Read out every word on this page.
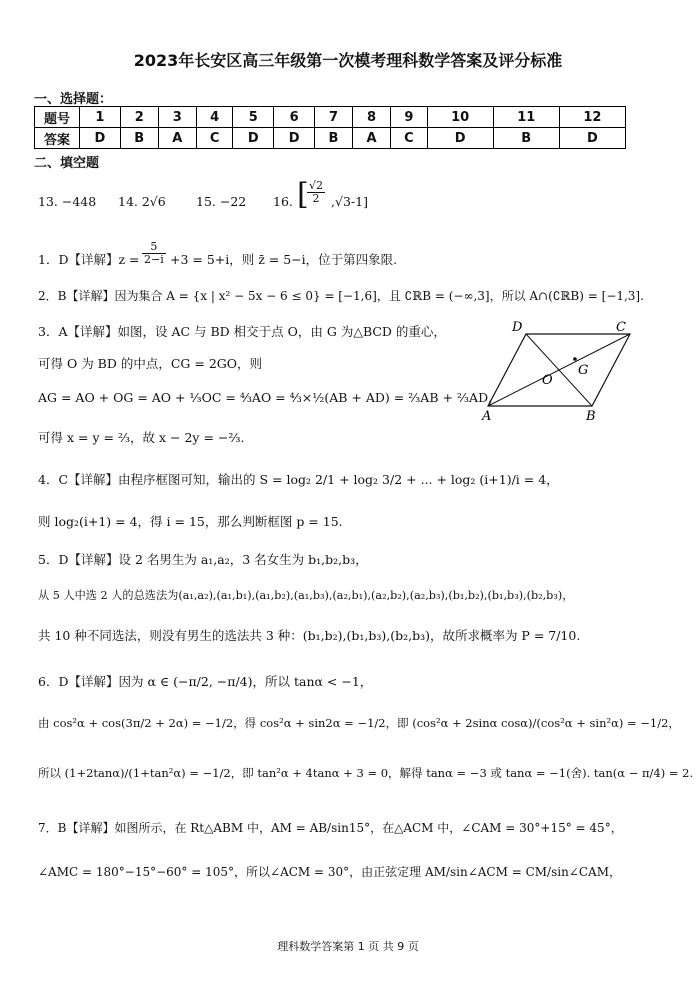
2023年长安区高三年级第一次模考理科数学答案及评分标准
一、选择题：
题号	1	2	3	4	5	6	7	8	9	10	11	12
答案	D	B	A	C	D	D	B	A	C	D	B	D
二、填空题
13. −448 14. 2√6 15. −22 16. [
$\frac{√2}{2} ,√3-1$]
1．D【详解】$z = \frac{5}{2-i} +3 = 5+i$，则 z̄ = 5−i，位于第四象限.
2．B【详解】因为集合 A = {x | x² − 5x − 6 ≤ 0} = [−1,6]，且 ∁ℝB = (−∞,3]，所以 A∩(∁ℝB) = [−1,3].
3．A【详解】如图，设 AC 与 BD 相交于点 O，由 G 为△BCD 的重心，
可得 O 为 BD 的中点，CG = 2GO，则
AG = AO + OG = AO + ⅓OC = ⁴⁄₃AO = ⁴⁄₃×½(AB + AD) = ⅔AB + ⅔AD，
可得 x = y = ⅔，故 x − 2y = −⅔.
D	C
A	B
O
G
4．C【详解】由程序框图可知，输出的 S = log₂ 2/1 + log₂ 3/2 + ... + log₂ (i+1)/i = 4，
则 log₂(i+1) = 4，得 i = 15，那么判断框图 p = 15.
5．D【详解】设 2 名男生为 a₁,a₂，3 名女生为 b₁,b₂,b₃，
从 5 人中选 2 人的总选法为(a₁,a₂),(a₁,b₁),(a₁,b₂),(a₁,b₃),(a₂,b₁),(a₂,b₂),(a₂,b₃),(b₁,b₂),(b₁,b₃),(b₂,b₃)，
共 10 种不同选法，则没有男生的选法共 3 种：(b₁,b₂),(b₁,b₃),(b₂,b₃)，故所求概率为 P = 7/10.
6．D【详解】因为 α ∈ (−π/2, −π/4)，所以 tanα < −1，
由 cos²α + cos(3π/2 + 2α) = −1/2，得 cos²α + sin2α = −1/2，即 (cos²α + 2sinα cosα)/(cos²α + sin²α) = −1/2，
所以 (1+2tanα)/(1+tan²α) = −1/2，即 tan²α + 4tanα + 3 = 0，解得 tanα = −3 或 tanα = −1(舍). tan(α − π/4) = 2.
7．B【详解】如图所示，在 Rt△ABM 中，AM = AB/sin15°，在△ACM 中，∠CAM = 30°+15° = 45°，
∠AMC = 180°−15°−60° = 105°，所以∠ACM = 30°，由正弦定理 AM/sin∠ACM = CM/sin∠CAM，
理科数学答案第 1 页 共 9 页
